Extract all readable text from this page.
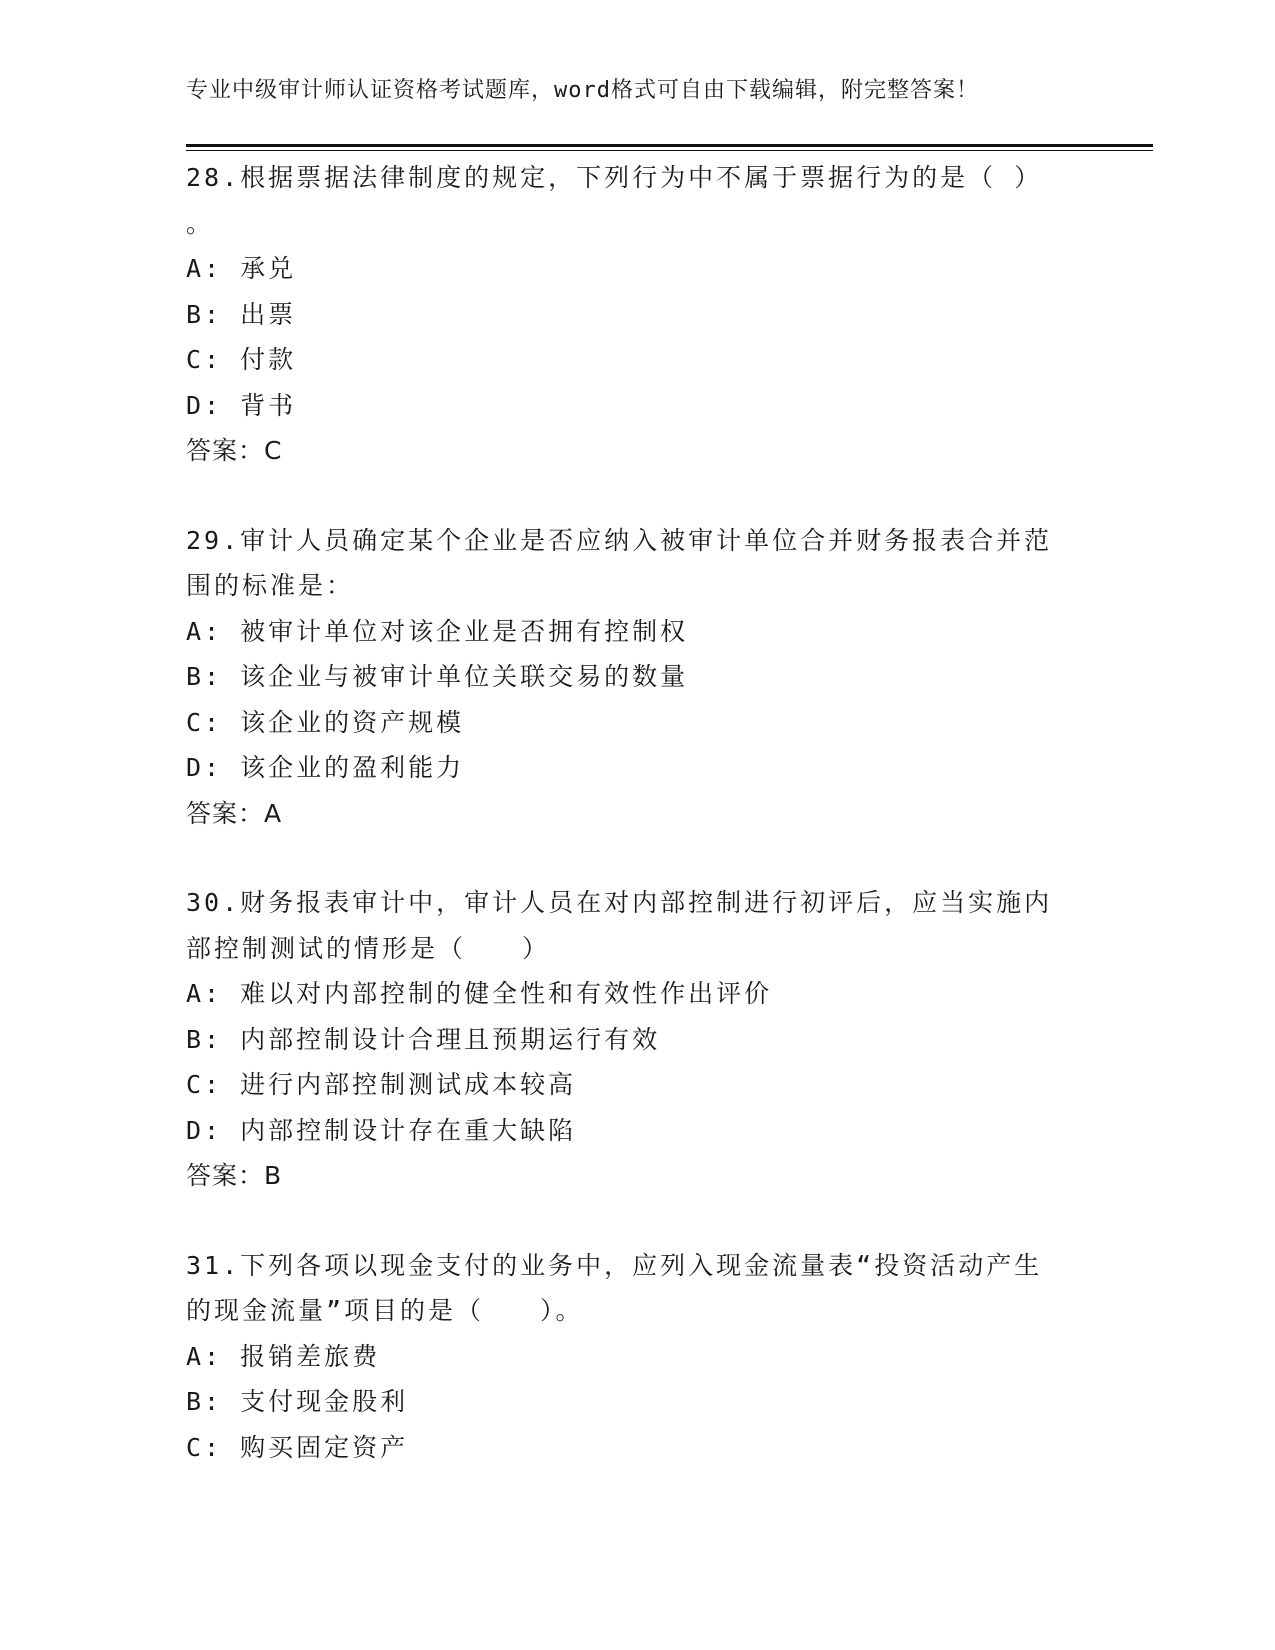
专业中级审计师认证资格考试题库，word格式可自由下载编辑，附完整答案！

28.根据票据法律制度的规定，下列行为中不属于票据行为的是（ ）

。

A: 承兑

B: 出票

C: 付款

D: 背书

答案：C

29.审计人员确定某个企业是否应纳入被审计单位合并财务报表合并范

围的标准是：

A: 被审计单位对该企业是否拥有控制权

B: 该企业与被审计单位关联交易的数量

C: 该企业的资产规模

D: 该企业的盈利能力

答案：A

30.财务报表审计中，审计人员在对内部控制进行初评后，应当实施内

部控制测试的情形是（　　）

A: 难以对内部控制的健全性和有效性作出评价

B: 内部控制设计合理且预期运行有效

C: 进行内部控制测试成本较高

D: 内部控制设计存在重大缺陷

答案：B

31.下列各项以现金支付的业务中，应列入现金流量表“投资活动产生

的现金流量”项目的是（　　）。

A: 报销差旅费

B: 支付现金股利

C: 购买固定资产
